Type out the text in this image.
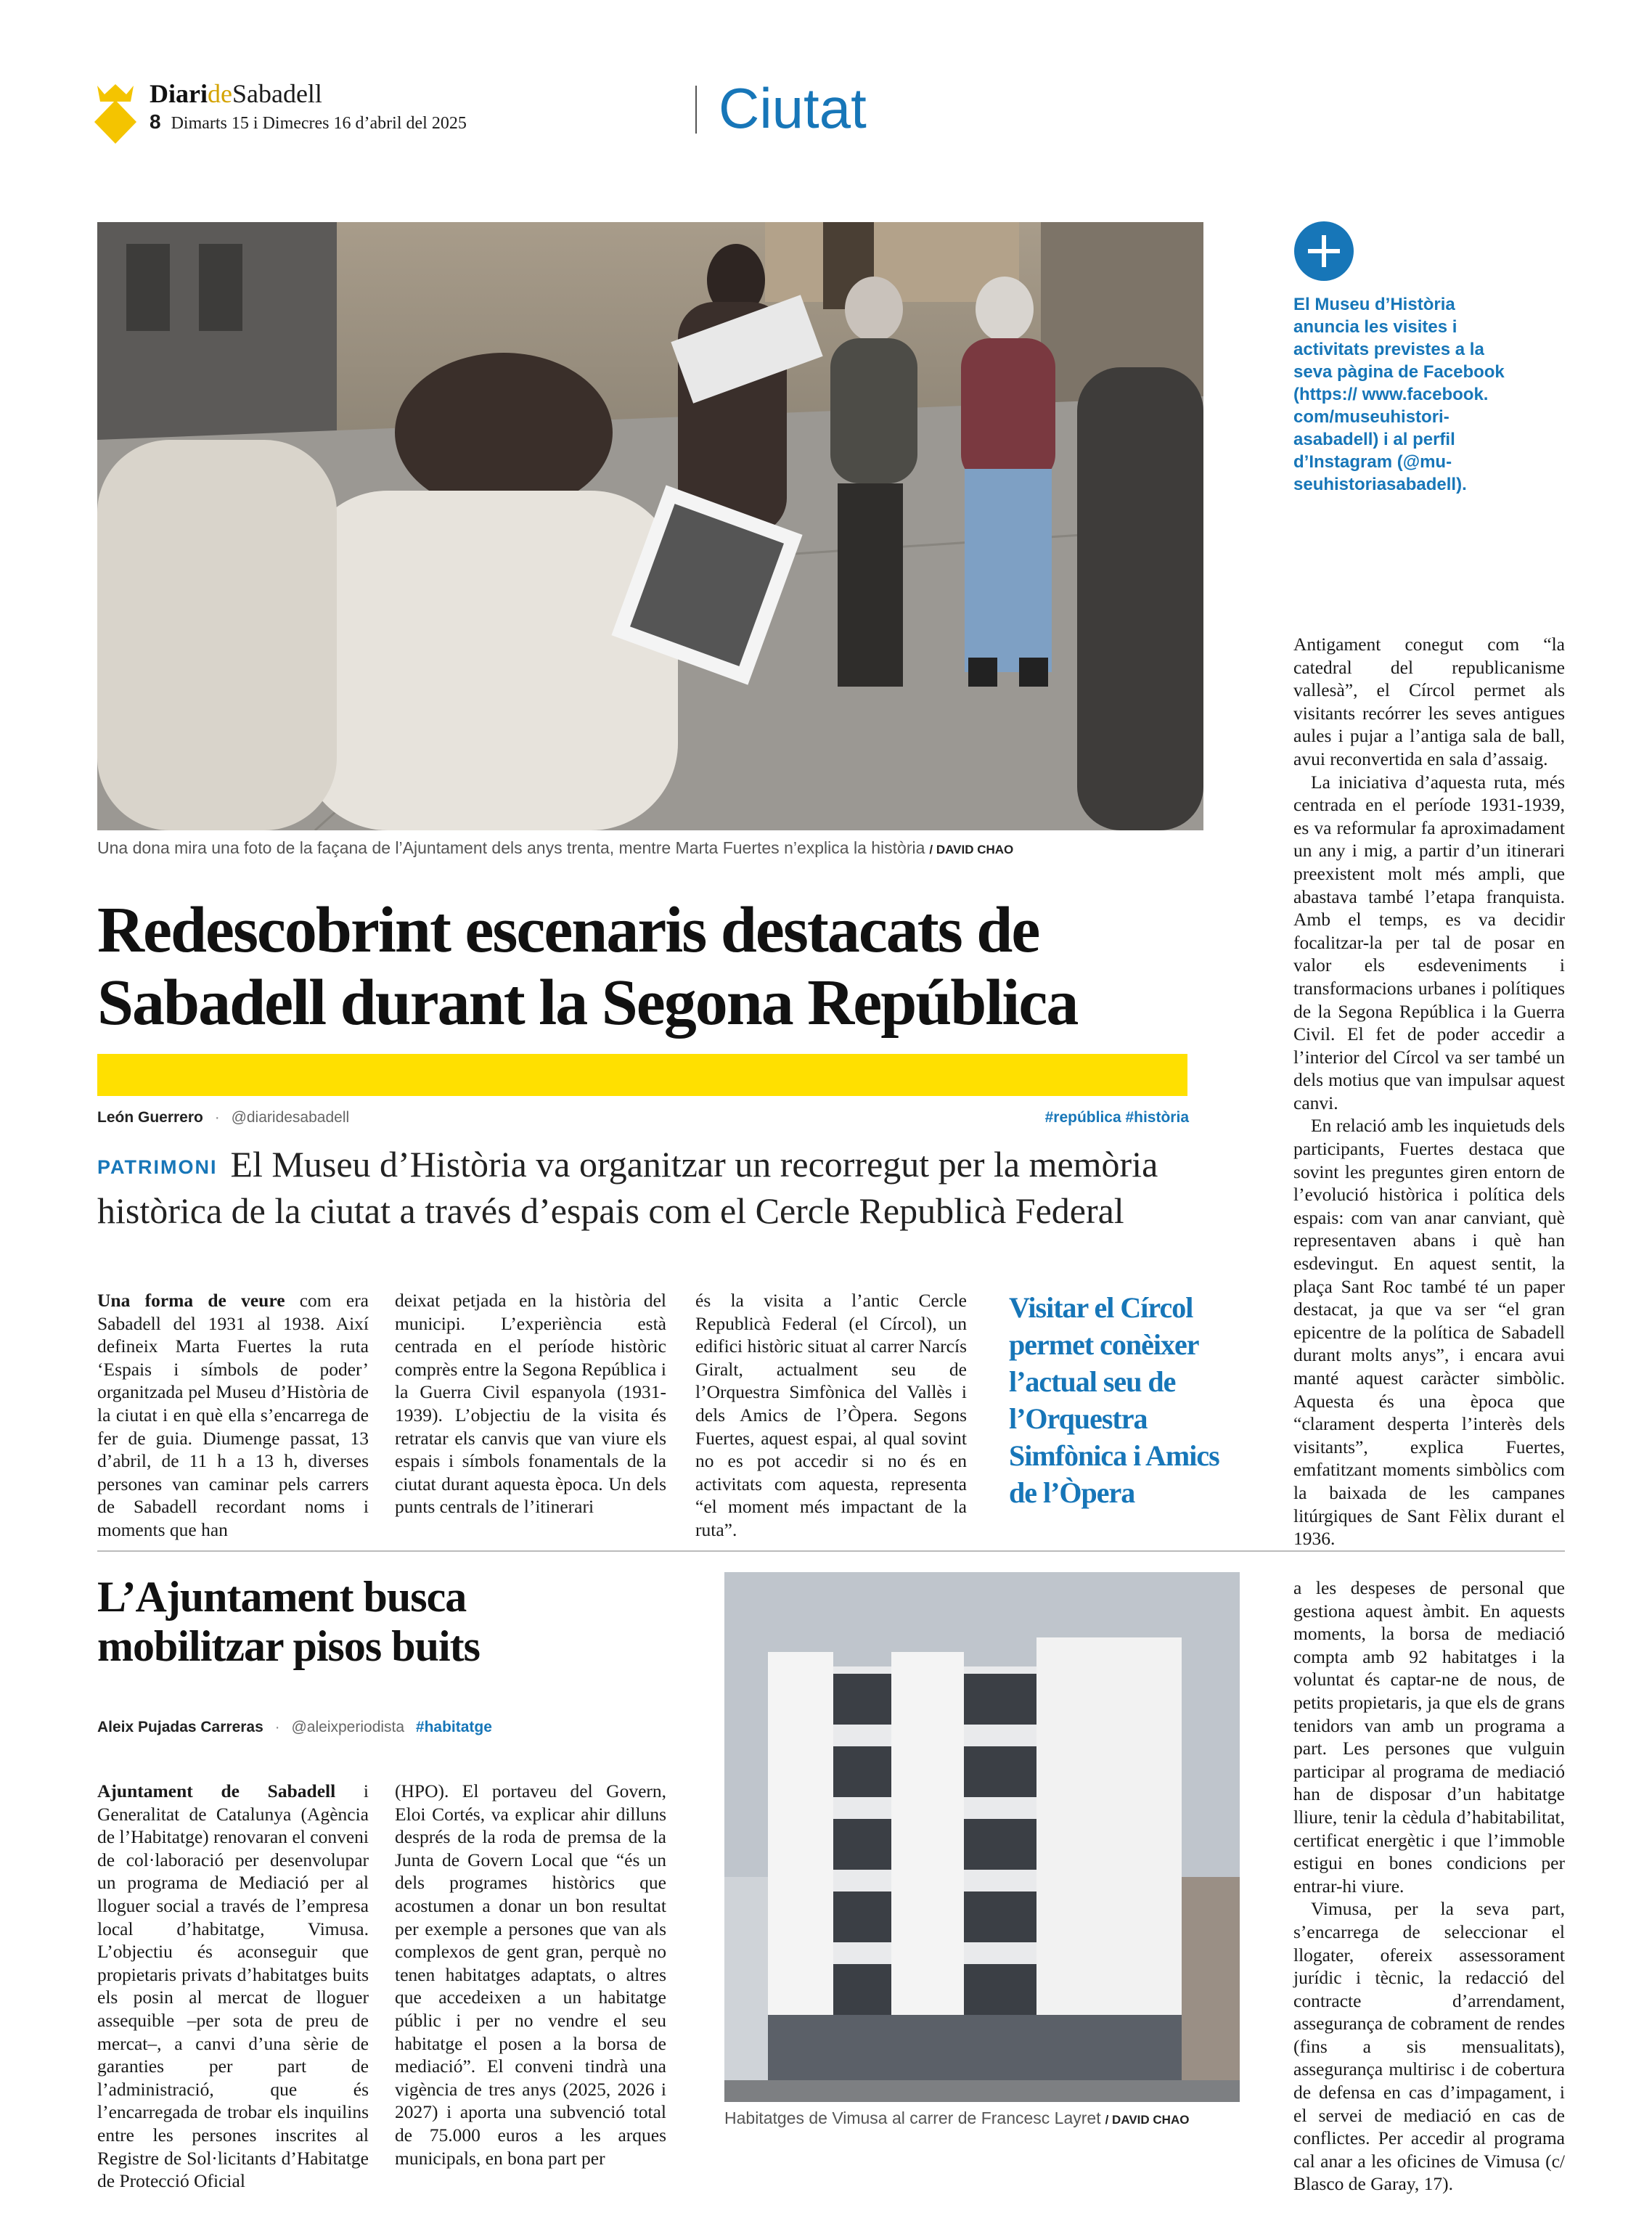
DiarideSabadell
8 Dimarts 15 i Dimecres 16 d’abril del 2025	Ciutat
Una dona mira una foto de la façana de l’Ajuntament dels anys trenta, mentre Marta Fuertes n’explica la història / DAVID CHAO
El Museu d’Història anuncia les visites i activitats previstes a la seva pàgina de Facebook (https:// www.facebook. com/museuhistori- asabadell) i al perfil d’Instagram (@mu- seuhistoriasabadell).
Redescobrint escenaris destacats de
Sabadell durant la Segona República
León Guerrero · @diaridesabadell	#república #història
PATRIMONI El Museu d’Història va organitzar un recorregut per la memòria
històrica de la ciutat a través d’espais com el Cercle Republicà Federal

Una forma de veure com era Sabadell del 1931 al 1938. Així defineix Marta Fuertes la ruta ‘Espais i símbols de poder’ organitzada pel Museu d’Història de la ciutat i en què ella s’encarrega de fer de guia. Diumenge passat, 13 d’abril, de 11 h a 13 h, diverses persones van caminar pels carrers de Sabadell recordant noms i moments que han

deixat petjada en la història del municipi. L’experiència està centrada en el període històric comprès entre la Segona República i la Guerra Civil espanyola (1931-1939). L’objectiu de la visita és retratar els canvis que van viure els espais i símbols fonamentals de la ciutat durant aquesta època. Un dels punts centrals de l’itinerari

és la visita a l’antic Cercle Republicà Federal (el Círcol), un edifici històric situat al carrer Narcís Giralt, actualment seu de l’Orquestra Simfònica del Vallès i dels Amics de l’Òpera. Segons Fuertes, aquest espai, al qual sovint no es pot accedir si no és en activitats com aquesta, representa “el moment més impactant de la ruta”.

Visitar el Círcol permet conèixer l’actual seu de l’Orquestra Simfònica i Amics de l’Òpera

Antigament conegut com “la catedral del republicanisme vallesà”, el Círcol permet als visitants recórrer les seves antigues aules i pujar a l’antiga sala de ball, avui reconvertida en sala d’assaig.

La iniciativa d’aquesta ruta, més centrada en el període 1931-1939, es va reformular fa aproximadament un any i mig, a partir d’un itinerari preexistent molt més ampli, que abastava també l’etapa franquista. Amb el temps, es va decidir focalitzar-la per tal de posar en valor els esdeveniments i transformacions urbanes i polítiques de la Segona República i la Guerra Civil. El fet de poder accedir a l’interior del Círcol va ser també un dels motius que van impulsar aquest canvi.

En relació amb les inquietuds dels participants, Fuertes destaca que sovint les preguntes giren entorn de l’evolució històrica i política dels espais: com van anar canviant, què representaven abans i què han esdevingut. En aquest sentit, la plaça Sant Roc també té un paper destacat, ja que va ser “el gran epicentre de la política de Sabadell durant molts anys”, i encara avui manté aquest caràcter simbòlic. Aquesta és una època que “clarament desperta l’interès dels visitants”, explica Fuertes, emfatitzant moments simbòlics com la baixada de les campanes litúrgiques de Sant Fèlix durant el 1936.

L’Ajuntament busca
mobilitzar pisos buits
Aleix Pujadas Carreras · @aleixperiodista #habitatge

Ajuntament de Sabadell i Generalitat de Catalunya (Agència de l’Habitatge) renovaran el conveni de col·laboració per desenvolupar un programa de Mediació per al lloguer social a través de l’empresa local d’habitatge, Vimusa. L’objectiu és aconseguir que propietaris privats d’habitatges buits els posin al mercat de lloguer assequible –per sota de preu de mercat–, a canvi d’una sèrie de garanties per part de l’administració, que és l’encarregada de trobar els inquilins entre les persones inscrites al Registre de Sol·licitants d’Habitatge de Protecció Oficial

(HPO). El portaveu del Govern, Eloi Cortés, va explicar ahir dilluns després de la roda de premsa de la Junta de Govern Local que “és un dels programes històrics que acostumen a donar un bon resultat per exemple a persones que van als complexos de gent gran, perquè no tenen habitatges adaptats, o altres que accedeixen a un habitatge públic i per no vendre el seu habitatge el posen a la borsa de mediació”. El conveni tindrà una vigència de tres anys (2025, 2026 i 2027) i aporta una subvenció total de 75.000 euros a les arques municipals, en bona part per

Habitatges de Vimusa al carrer de Francesc Layret / DAVID CHAO

a les despeses de personal que gestiona aquest àmbit. En aquests moments, la borsa de mediació compta amb 92 habitatges i la voluntat és captar-ne de nous, de petits propietaris, ja que els de grans tenidors van amb un programa a part. Les persones que vulguin participar al programa de mediació han de disposar d’un habitatge lliure, tenir la cèdula d’habitabilitat, certificat energètic i que l’immoble estigui en bones condicions per entrar-hi viure.

Vimusa, per la seva part, s’encarrega de seleccionar el llogater, ofereix assessorament jurídic i tècnic, la redacció del contracte d’arrendament, assegurança de cobrament de rendes (fins a sis mensualitats), assegurança multirisc i de cobertura de defensa en cas d’impagament, i el servei de mediació en cas de conflictes. Per accedir al programa cal anar a les oficines de Vimusa (c/ Blasco de Garay, 17).
